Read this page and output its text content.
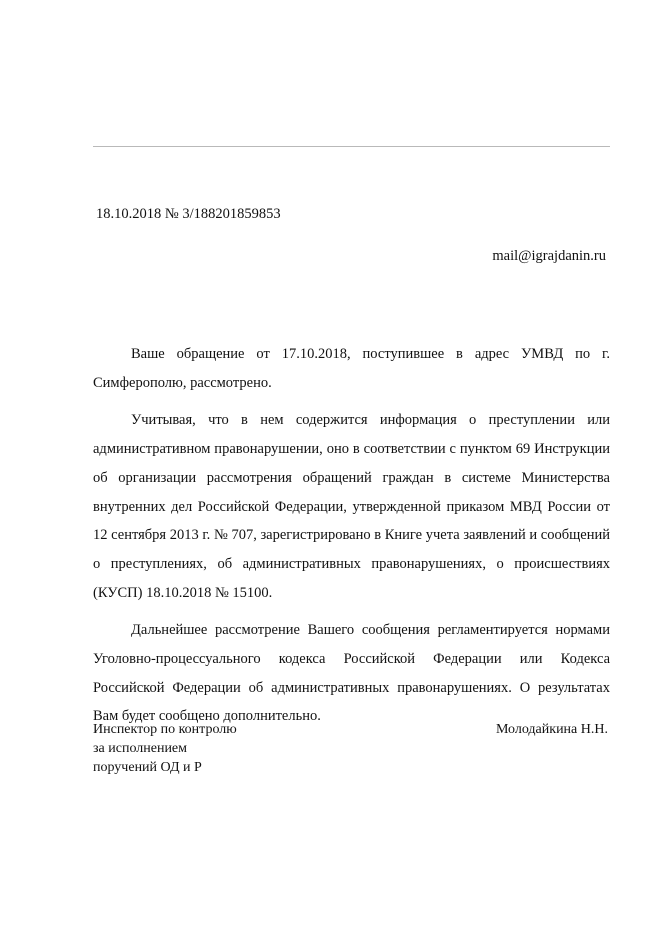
18.10.2018 № 3/188201859853
mail@igrajdanin.ru

Ваше обращение от 17.10.2018, поступившее в адрес УМВД по г. Симферополю, рассмотрено.

Учитывая, что в нем содержится информация о преступлении или административном правонарушении, оно в соответствии с пунктом 69 Инструкции об организации рассмотрения обращений граждан в системе Министерства внутренних дел Российской Федерации, утвержденной приказом МВД России от 12 сентября 2013 г. № 707, зарегистрировано в Книге учета заявлений и сообщений о преступлениях, об административных правонарушениях, о происшествиях (КУСП) 18.10.2018 № 15100.

Дальнейшее рассмотрение Вашего сообщения регламентируется нормами Уголовно-процессуального кодекса Российской Федерации или Кодекса Российской Федерации об административных правонарушениях. О результатах Вам будет сообщено дополнительно.

Инспектор по контролю
за исполнением
поручений ОД и Р
Молодайкина Н.Н.
